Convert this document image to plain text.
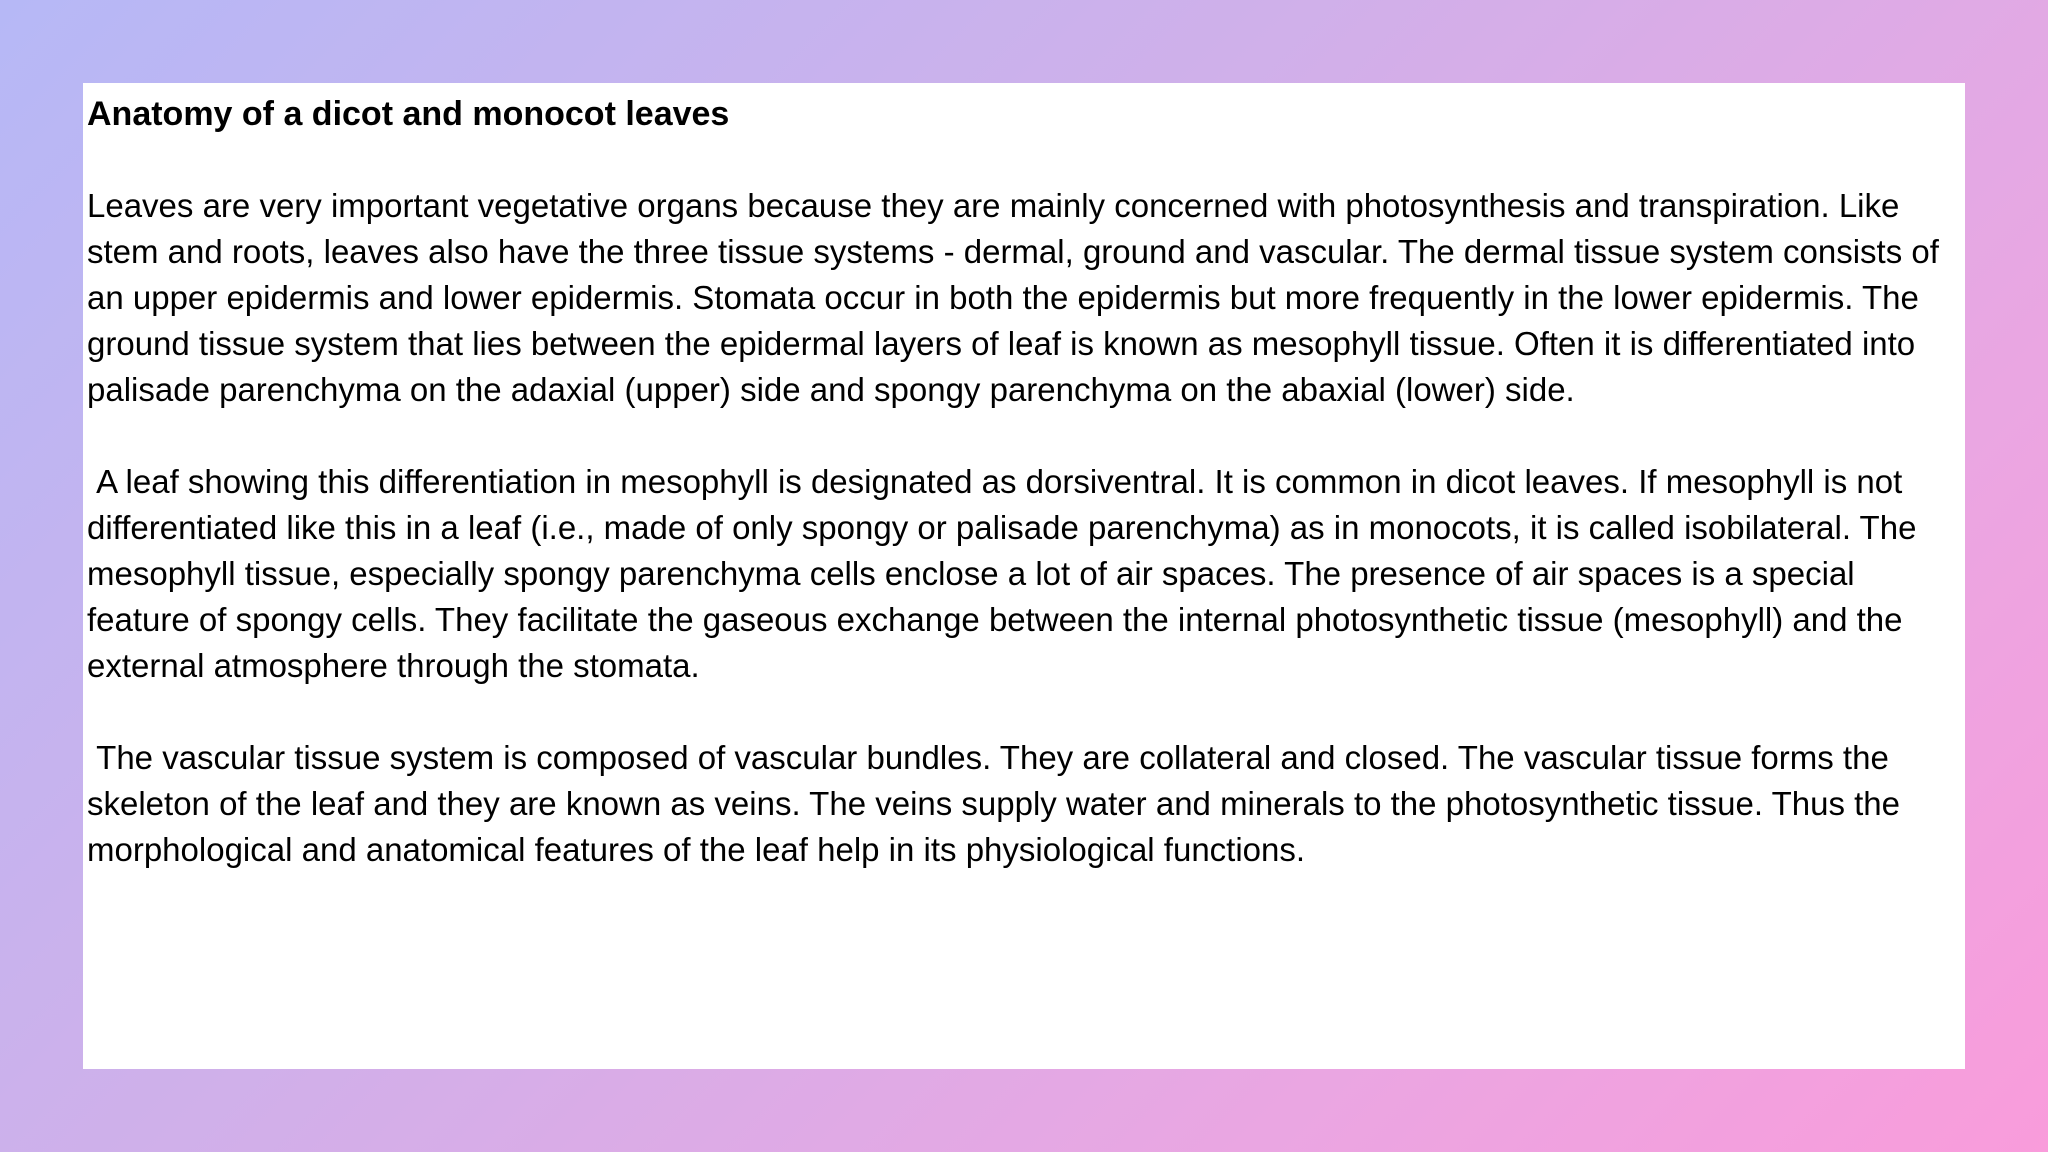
Anatomy of a dicot and monocot leaves

Leaves are very important vegetative organs because they are mainly concerned with photosynthesis and transpiration. Like stem and roots, leaves also have the three tissue systems - dermal, ground and vascular. The dermal tissue system consists of an upper epidermis and lower epidermis. Stomata occur in both the epidermis but more frequently in the lower epidermis. The ground tissue system that lies between the epidermal layers of leaf is known as mesophyll tissue. Often it is differentiated into palisade parenchyma on the adaxial (upper) side and spongy parenchyma on the abaxial (lower) side.

A leaf showing this differentiation in mesophyll is designated as dorsiventral. It is common in dicot leaves. If mesophyll is not differentiated like this in a leaf (i.e., made of only spongy or palisade parenchyma) as in monocots, it is called isobilateral. The mesophyll tissue, especially spongy parenchyma cells enclose a lot of air spaces. The presence of air spaces is a special feature of spongy cells. They facilitate the gaseous exchange between the internal photosynthetic tissue (mesophyll) and the external atmosphere through the stomata.

The vascular tissue system is composed of vascular bundles. They are collateral and closed. The vascular tissue forms the skeleton of the leaf and they are known as veins. The veins supply water and minerals to the photosynthetic tissue. Thus the morphological and anatomical features of the leaf help in its physiological functions.
